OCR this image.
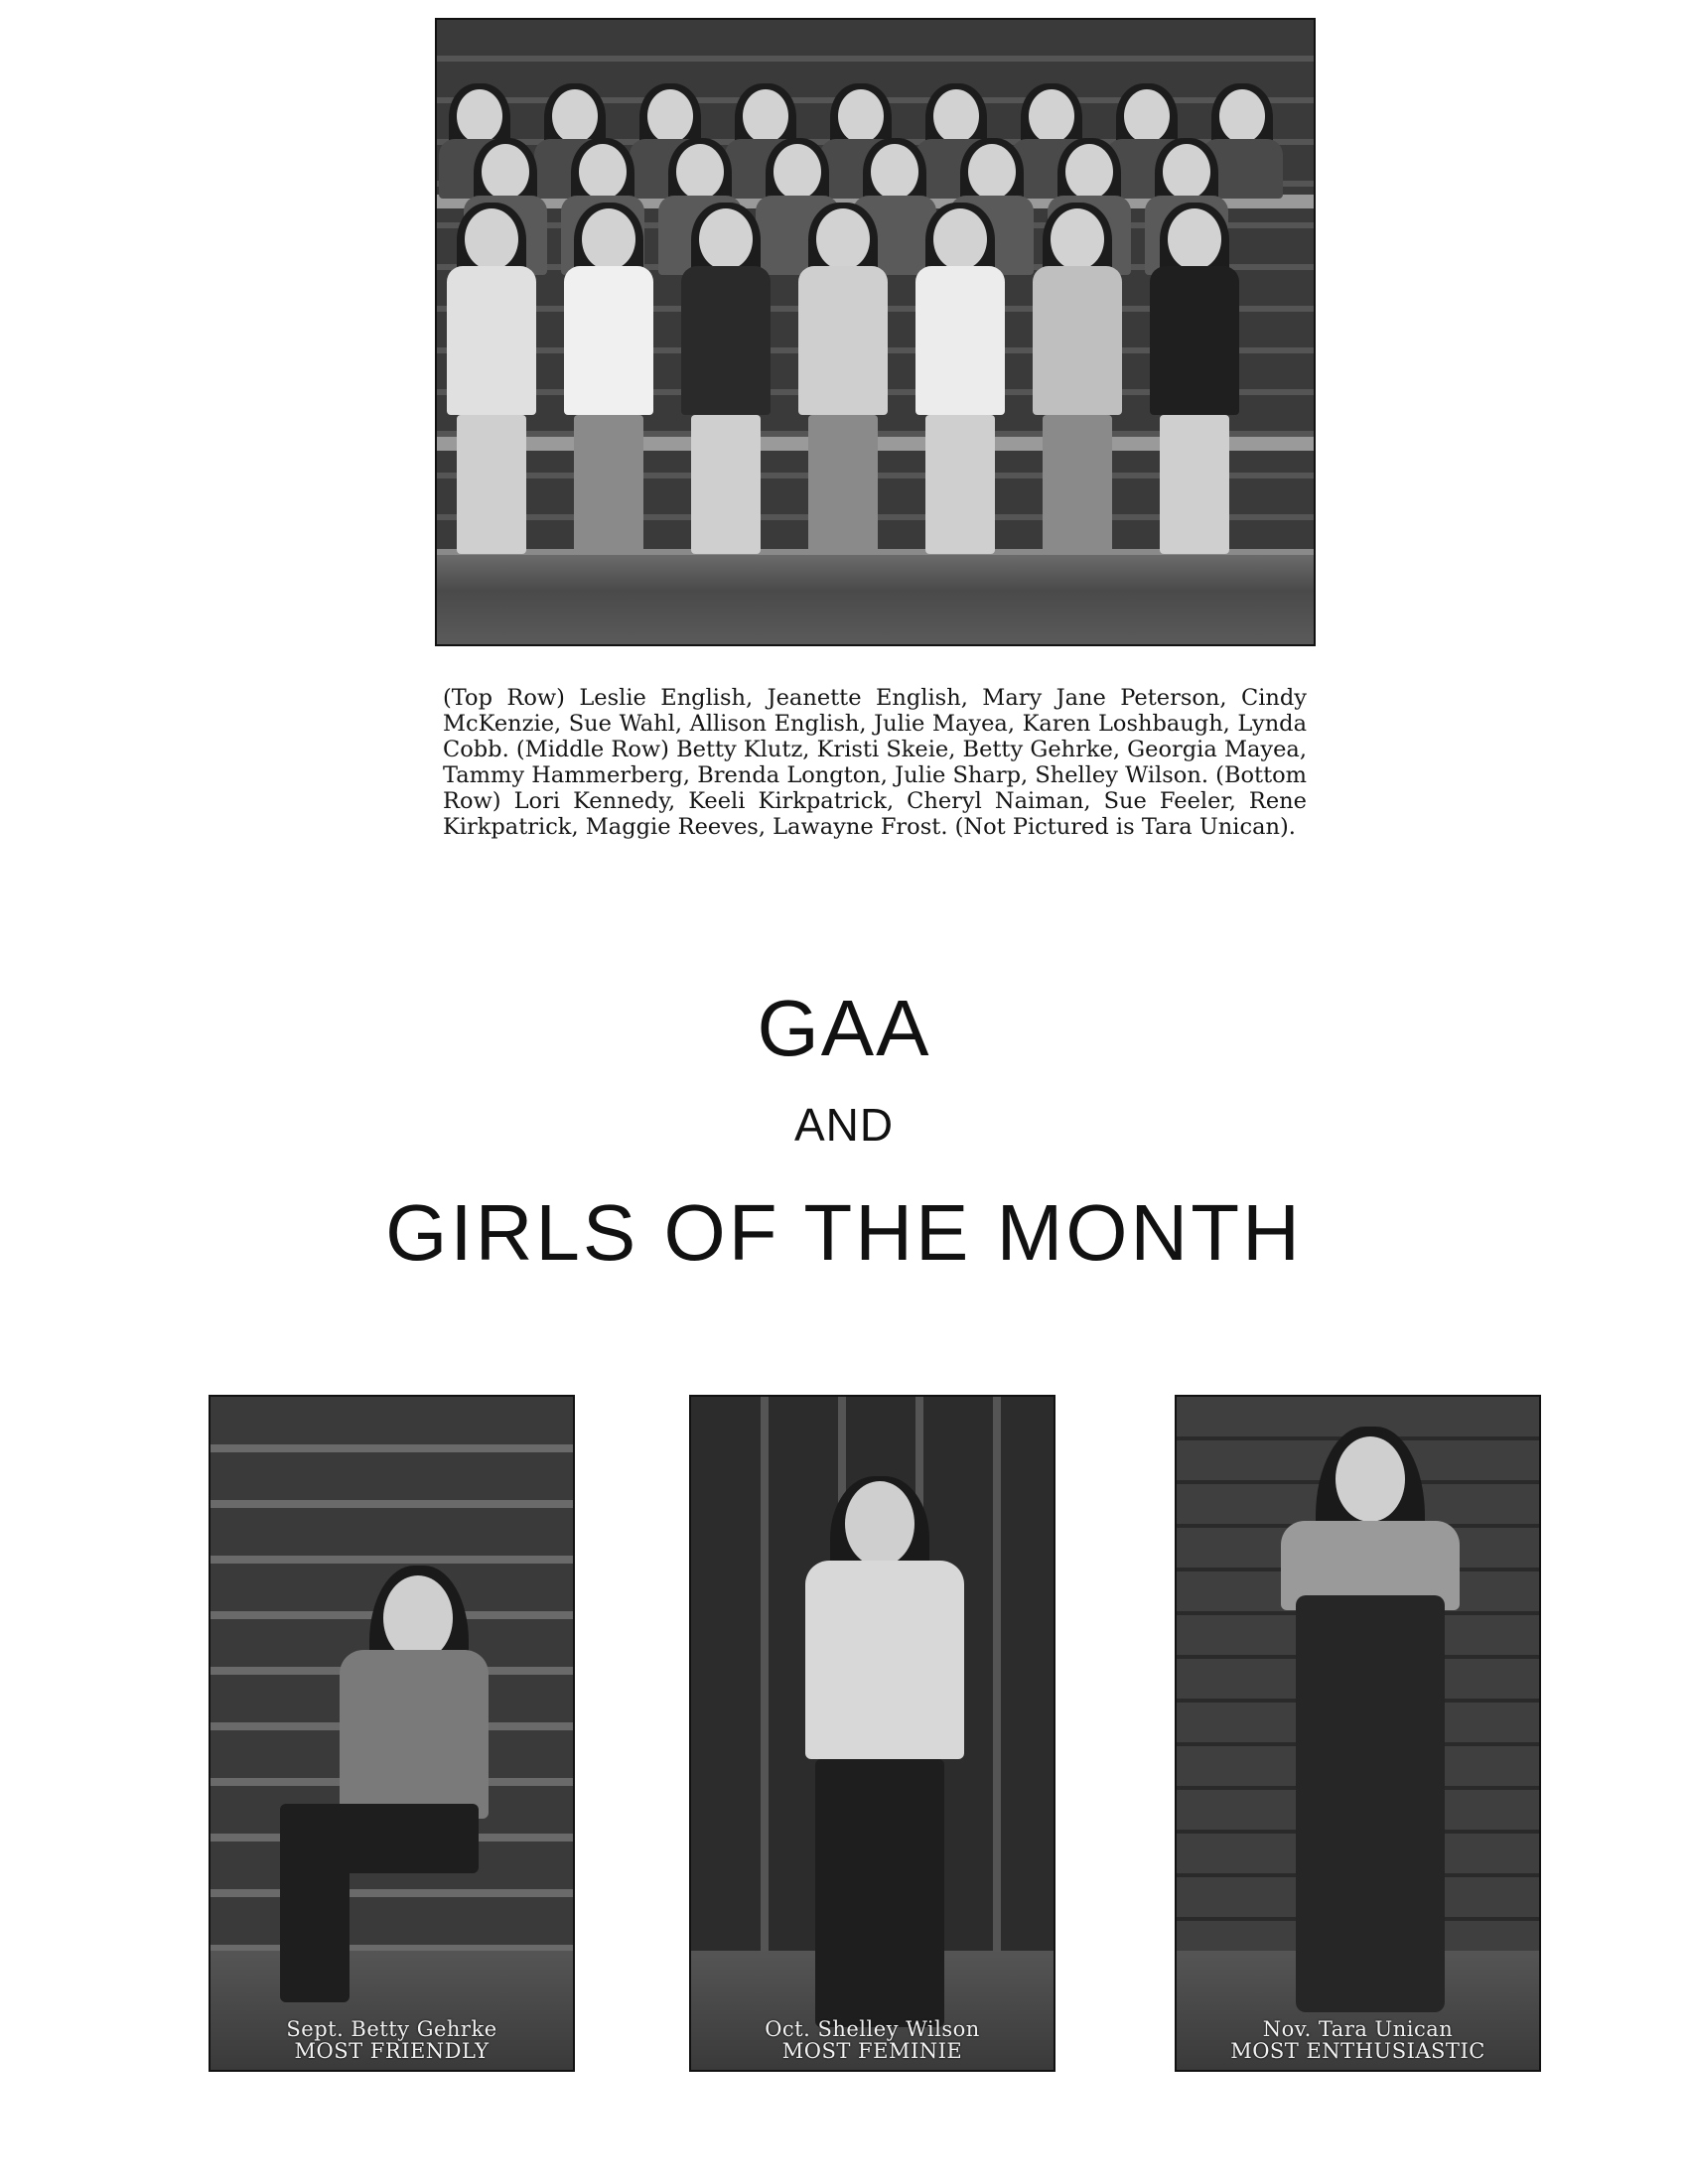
(Top Row) Leslie English, Jeanette English, Mary Jane Peterson, Cindy McKenzie, Sue Wahl, Allison English, Julie Mayea, Karen Loshbaugh, Lynda Cobb. (Middle Row) Betty Klutz, Kristi Skeie, Betty Gehrke, Georgia Mayea, Tammy Hammerberg, Brenda Longton, Julie Sharp, Shelley Wilson. (Bottom Row) Lori Kennedy, Keeli Kirkpatrick, Cheryl Naiman, Sue Feeler, Rene Kirkpatrick, Maggie Reeves, Lawayne Frost. (Not Pictured is Tara Unican).
GAA
AND
GIRLS OF THE MONTH
Sept. Betty Gehrke
MOST FRIENDLY
Oct. Shelley Wilson
MOST FEMINIE
Nov. Tara Unican
MOST ENTHUSIASTIC
